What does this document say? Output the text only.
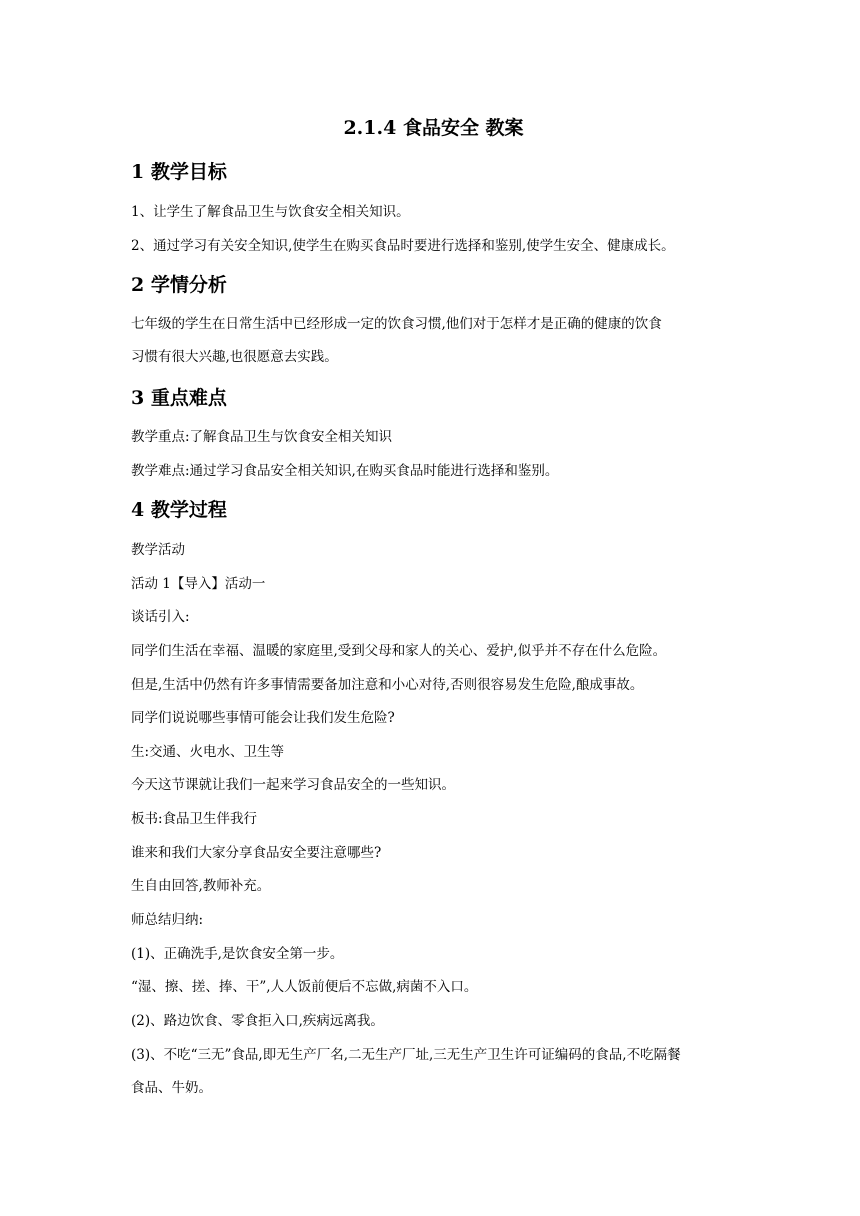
2.1.4 食品安全 教案
1 教学目标
1、让学生了解食品卫生与饮食安全相关知识。
2、通过学习有关安全知识,使学生在购买食品时要进行选择和鉴别,使学生安全、健康成长。
2 学情分析
七年级的学生在日常生活中已经形成一定的饮食习惯,他们对于怎样才是正确的健康的饮食
习惯有很大兴趣,也很愿意去实践。
3 重点难点
教学重点:了解食品卫生与饮食安全相关知识
教学难点:通过学习食品安全相关知识,在购买食品时能进行选择和鉴别。
4 教学过程
教学活动
活动 1【导入】活动一
谈话引入:
同学们生活在幸福、温暖的家庭里,受到父母和家人的关心、爱护,似乎并不存在什么危险。
但是,生活中仍然有许多事情需要备加注意和小心对待,否则很容易发生危险,酿成事故。
同学们说说哪些事情可能会让我们发生危险?
生:交通、火电水、卫生等
今天这节课就让我们一起来学习食品安全的一些知识。
板书:食品卫生伴我行
谁来和我们大家分享食品安全要注意哪些?
生自由回答,教师补充。
师总结归纳:
(1)、正确洗手,是饮食安全第一步。
“湿、擦、搓、捧、干”,人人饭前便后不忘做,病菌不入口。
(2)、路边饮食、零食拒入口,疾病远离我。
(3)、不吃“三无”食品,即无生产厂名,二无生产厂址,三无生产卫生许可证编码的食品,不吃隔餐
食品、牛奶。
